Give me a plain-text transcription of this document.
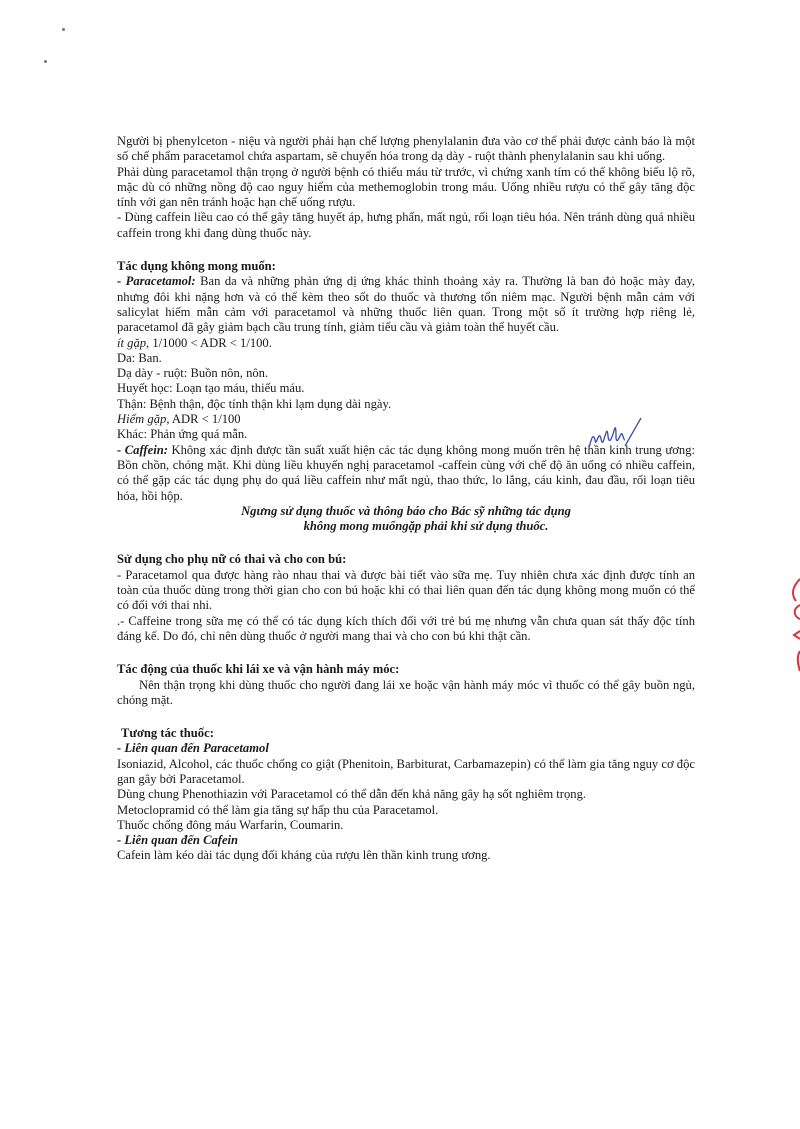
Người bị phenylceton - niệu và người phải hạn chế lượng phenylalanin đưa vào cơ thể phải được cảnh báo là một số chế phẩm paracetamol chứa aspartam, sẽ chuyển hóa trong dạ dày - ruột thành phenylalanin sau khi uống.

Phải dùng paracetamol thận trọng ở người bệnh có thiếu máu từ trước, vì chứng xanh tím có thể không biểu lộ rõ, mặc dù có những nồng độ cao nguy hiểm của methemoglobin trong máu. Uống nhiều rượu có thể gây tăng độc tính với gan nên tránh hoặc hạn chế uống rượu.

- Dùng caffein liều cao có thể gây tăng huyết áp, hưng phấn, mất ngủ, rối loạn tiêu hóa. Nên tránh dùng quá nhiều caffein trong khi đang dùng thuốc này.

Tác dụng không mong muốn:

- Paracetamol: Ban da và những phản ứng dị ứng khác thỉnh thoảng xảy ra. Thường là ban đỏ hoặc mày đay, nhưng đôi khi nặng hơn và có thể kèm theo sốt do thuốc và thương tổn niêm mạc. Người bệnh mẫn cảm với salicylat hiếm mẫn cảm với paracetamol và những thuốc liên quan. Trong một số ít trường hợp riêng lẻ, paracetamol đã gây giảm bạch cầu trung tính, giảm tiểu cầu và giảm toàn thể huyết cầu.

ít gặp, 1/1000 < ADR < 1/100.

Da: Ban.

Dạ dày - ruột: Buồn nôn, nôn.

Huyết học: Loạn tạo máu, thiếu máu.

Thận: Bệnh thận, độc tính thận khi lạm dụng dài ngày.

Hiếm gặp, ADR < 1/100

Khác: Phản ứng quá mẫn.

- Caffein: Không xác định được tần suất xuất hiện các tác dụng không mong muốn trên hệ thần kinh trung ương: Bồn chồn, chóng mặt. Khi dùng liều khuyến nghị paracetamol -caffein cùng với chế độ ăn uống có nhiều caffein, có thể gặp các tác dụng phụ do quá liều caffein như mất ngủ, thao thức, lo lắng, cáu kinh, đau đầu, rối loạn tiêu hóa, hồi hộp.

Ngưng sử dụng thuốc và thông báo cho Bác sỹ những tác dụng
không mong muốngặp phải khi sử dụng thuốc.

Sử dụng cho phụ nữ có thai và cho con bú:

- Paracetamol qua được hàng rào nhau thai và được bài tiết vào sữa mẹ. Tuy nhiên chưa xác định được tính an toàn của thuốc dùng trong thời gian cho con bú hoặc khi có thai liên quan đến tác dụng không mong muốn có thể có đối với thai nhi.

.- Caffeine trong sữa mẹ có thể có tác dụng kích thích đối với trẻ bú mẹ nhưng vẫn chưa quan sát thấy độc tính đáng kể. Do đó, chỉ nên dùng thuốc ở người mang thai và cho con bú khi thật cần.

Tác động của thuốc khi lái xe và vận hành máy móc:

Nên thận trọng khi dùng thuốc cho người đang lái xe hoặc vận hành máy móc vì thuốc có thể gây buồn ngủ, chóng mặt.

Tương tác thuốc:

- Liên quan đến Paracetamol

Isoniazid, Alcohol, các thuốc chống co giật (Phenitoin, Barbiturat, Carbamazepin) có thể làm gia tăng nguy cơ độc gan gây bởi Paracetamol.

Dùng chung Phenothiazin với Paracetamol có thể dẫn đến khả năng gây hạ sốt nghiêm trọng.

Metoclopramid có thể làm gia tăng sự hấp thu của Paracetamol.

Thuốc chống đông máu Warfarin, Coumarin.

- Liên quan đến Cafein

Cafein làm kéo dài tác dụng đối kháng của rượu lên thần kinh trung ương.
